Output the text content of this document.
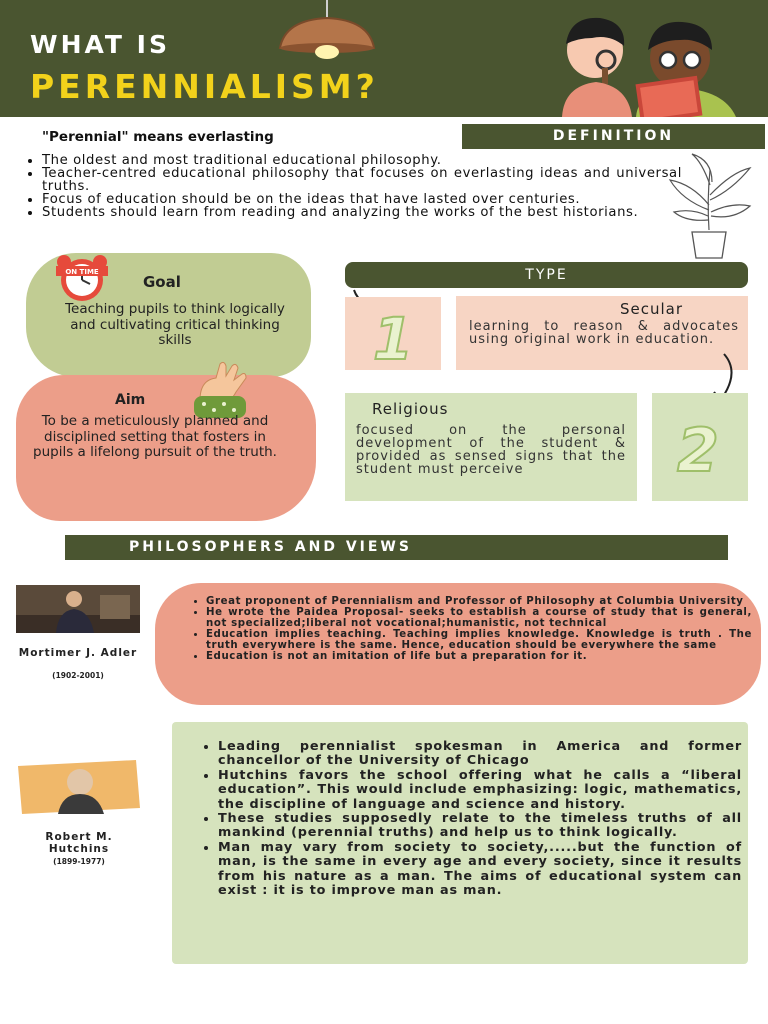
WHAT IS
PERENNIALISM?
"Perennial" means everlasting	DEFINITION
• The oldest and most traditional educational philosophy.
• Teacher-centred educational philosophy that focuses on everlasting ideas and universal truths.
• Focus of education should be on the ideas that have lasted over centuries.
• Students should learn from reading and analyzing the works of the best historians.
ON TIME
Goal
Teaching pupils to think logically and cultivating critical thinking skills
Aim
To be a meticulously planned and disciplined setting that fosters in pupils a lifelong pursuit of the truth.
TYPE
1	Secular
learning to reason & advocates using original work in education.
Religious
focused on the personal development of the student & provided as sensed signs that the student must perceive	2
PHILOSOPHERS AND VIEWS
• Great proponent of Perennialism and Professor of Philosophy at Columbia University
• He wrote the Paidea Proposal- seeks to establish a course of study that is general, not specialized;liberal not vocational;humanistic, not technical
• Education implies teaching. Teaching implies knowledge. Knowledge is truth . The truth everywhere is the same. Hence, education should be everywhere the same
• Education is not an imitation of life but a preparation for it.
Mortimer J. Adler
(1902-2001)
• Leading perennialist spokesman in America and former chancellor of the University of Chicago
• Hutchins favors the school offering what he calls a “liberal education”. This would include emphasizing: logic, mathematics, the discipline of language and science and history.
• These studies supposedly relate to the timeless truths of all mankind (perennial truths) and help us to think logically.
• Man may vary from society to society,.....but the function of man, is the same in every age and every society, since it results from his nature as a man. The aims of educational system can exist : it is to improve man as man.
Robert M. Hutchins
(1899-1977)
